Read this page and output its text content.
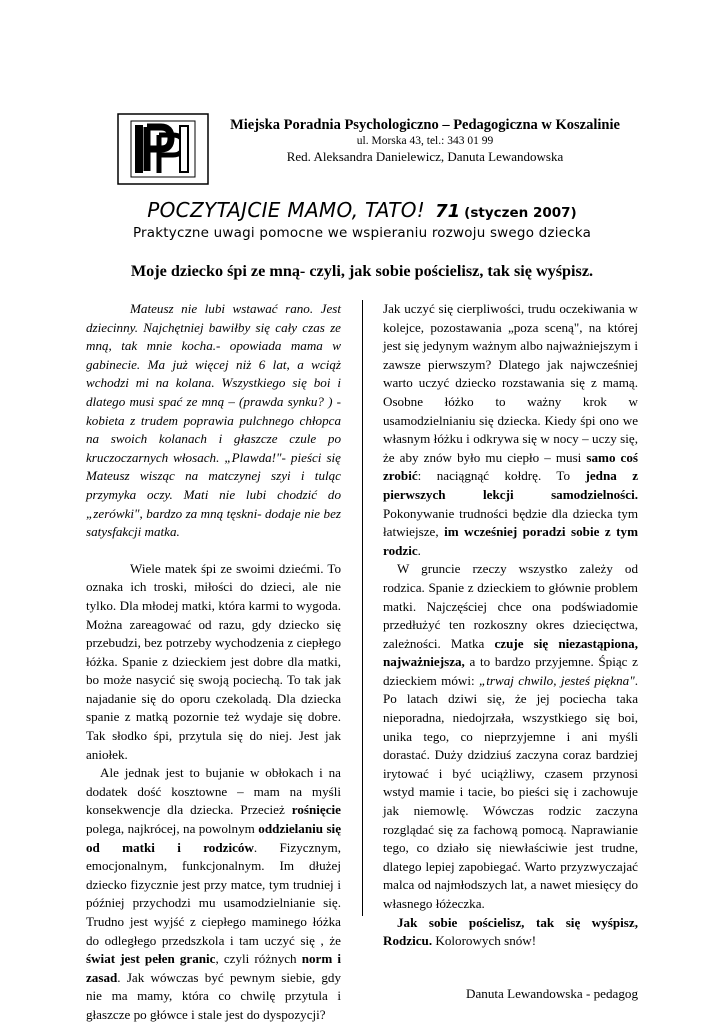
Miejska Poradnia Psychologiczno – Pedagogiczna w Koszalinie
ul. Morska 43, tel.: 343 01 99
Red. Aleksandra Danielewicz, Danuta Lewandowska
POCZYTAJCIE MAMO, TATO! 71 (styczen 2007)
Praktyczne uwagi pomocne we wspieraniu rozwoju swego dziecka
Moje dziecko śpi ze mną- czyli, jak sobie pościelisz, tak się wyśpisz.

Mateusz nie lubi wstawać rano. Jest dziecinny. Najchętniej bawiłby się cały czas ze mną, tak mnie kocha.- opowiada mama w gabinecie. Ma już więcej niż 6 lat, a wciąż wchodzi mi na kolana. Wszystkiego się boi i dlatego musi spać ze mną – (prawda synku? ) - kobieta z trudem poprawia pulchnego chłopca na swoich kolanach i głaszcze czule po kruczoczarnych włosach. „Plawda!"- pieści się Mateusz wisząc na matczynej szyi i tuląc przymyka oczy. Mati nie lubi chodzić do „zerówki", bardzo za mną tęskni- dodaje nie bez satysfakcji matka.

Wiele matek śpi ze swoimi dziećmi. To oznaka ich troski, miłości do dzieci, ale nie tylko. Dla młodej matki, która karmi to wygoda. Można zareagować od razu, gdy dziecko się przebudzi, bez potrzeby wychodzenia z ciepłego łóżka. Spanie z dzieckiem jest dobre dla matki, bo może nasycić się swoją pociechą. To tak jak najadanie się do oporu czekoladą. Dla dziecka spanie z matką pozornie też wydaje się dobre. Tak słodko śpi, przytula się do niej. Jest jak aniołek.

Ale jednak jest to bujanie w obłokach i na dodatek dość kosztowne – mam na myśli konsekwencje dla dziecka. Przecież rośnięcie polega, najkrócej, na powolnym oddzielaniu się od matki i rodziców. Fizycznym, emocjonalnym, funkcjonalnym. Im dłużej dziecko fizycznie jest przy matce, tym trudniej i później przychodzi mu usamodzielnianie się. Trudno jest wyjść z ciepłego maminego łóżka do odległego przedszkola i tam uczyć się , że świat jest pełen granic, czyli różnych norm i zasad. Jak wówczas być pewnym siebie, gdy nie ma mamy, która co chwilę przytula i głaszcze po główce i stale jest do dyspozycji?

Jak uczyć się cierpliwości, trudu oczekiwania w kolejce, pozostawania „poza sceną", na której jest się jedynym ważnym albo najważniejszym i zawsze pierwszym? Dlatego jak najwcześniej warto uczyć dziecko rozstawania się z mamą. Osobne łóżko to ważny krok w usamodzielnianiu się dziecka. Kiedy śpi ono we własnym łóżku i odkrywa się w nocy – uczy się, że aby znów było mu ciepło – musi samo coś zrobić: naciągnąć kołdrę. To jedna z pierwszych lekcji samodzielności. Pokonywanie trudności będzie dla dziecka tym łatwiejsze, im wcześniej poradzi sobie z tym rodzic.

W gruncie rzeczy wszystko zależy od rodzica. Spanie z dzieckiem to głównie problem matki. Najczęściej chce ona podświadomie przedłużyć ten rozkoszny okres dziecięctwa, zależności. Matka czuje się niezastąpiona, najważniejsza, a to bardzo przyjemne. Śpiąc z dzieckiem mówi: „trwaj chwilo, jesteś piękna". Po latach dziwi się, że jej pociecha taka nieporadna, niedojrzała, wszystkiego się boi, unika tego, co nieprzyjemne i ani myśli dorastać. Duży dzidziuś zaczyna coraz bardziej irytować i być uciążliwy, czasem przynosi wstyd mamie i tacie, bo pieści się i zachowuje jak niemowlę. Wówczas rodzic zaczyna rozglądać się za fachową pomocą. Naprawianie tego, co działo się niewłaściwie jest trudne, dlatego lepiej zapobiegać. Warto przyzwyczajać malca od najmłodszych lat, a nawet miesięcy do własnego łóżeczka.

Jak sobie pościelisz, tak się wyśpisz, Rodzicu. Kolorowych snów!

Danuta Lewandowska - pedagog
